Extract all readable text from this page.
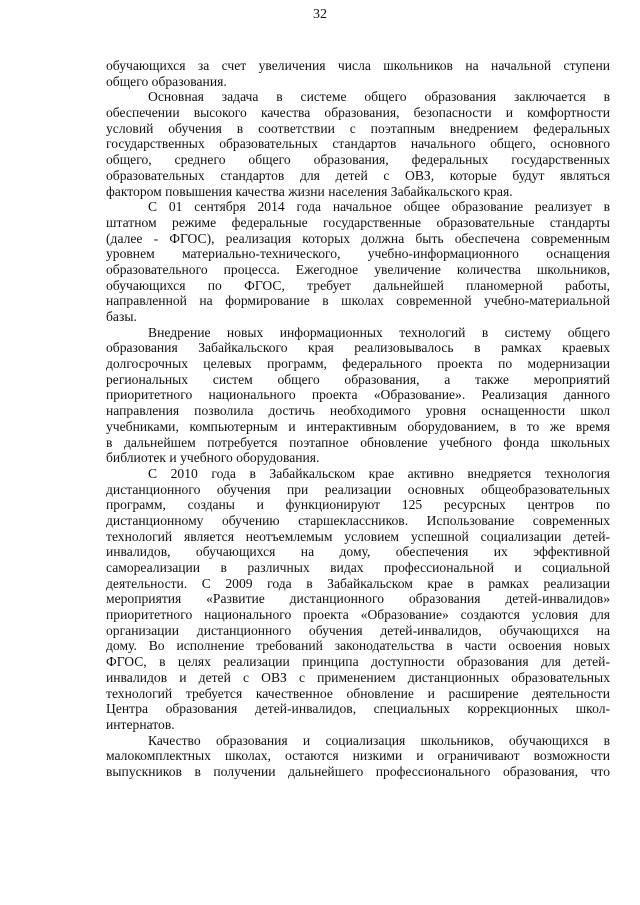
32
обучающихся за счет увеличения числа школьников на начальной ступени
общего образования.
Основная задача в системе общего образования заключается в
обеспечении высокого качества образования, безопасности и комфортности
условий обучения в соответствии с поэтапным внедрением федеральных
государственных образовательных стандартов начального общего, основного
общего, среднего общего образования, федеральных государственных
образовательных стандартов для детей с ОВЗ, которые будут являться
фактором повышения качества жизни населения Забайкальского края.
С 01 сентября 2014 года начальное общее образование реализует в
штатном режиме федеральные государственные образовательные стандарты
(далее - ФГОС), реализация которых должна быть обеспечена современным
уровнем материально-технического, учебно-информационного оснащения
образовательного процесса. Ежегодное увеличение количества школьников,
обучающихся по ФГОС, требует дальнейшей планомерной работы,
направленной на формирование в школах современной учебно-материальной
базы.
Внедрение новых информационных технологий в систему общего
образования Забайкальского края реализовывалось в рамках краевых
долгосрочных целевых программ, федерального проекта по модернизации
региональных систем общего образования, а также мероприятий
приоритетного национального проекта «Образование». Реализация данного
направления позволила достичь необходимого уровня оснащенности школ
учебниками, компьютерным и интерактивным оборудованием, в то же время
в дальнейшем потребуется поэтапное обновление учебного фонда школьных
библиотек и учебного оборудования.
С 2010 года в Забайкальском крае активно внедряется технология
дистанционного обучения при реализации основных общеобразовательных
программ, созданы и функционируют 125 ресурсных центров по
дистанционному обучению старшеклассников. Использование современных
технологий является неотъемлемым условием успешной социализации детей-
инвалидов, обучающихся на дому, обеспечения их эффективной
самореализации в различных видах профессиональной и социальной
деятельности. С 2009 года в Забайкальском крае в рамках реализации
мероприятия «Развитие дистанционного образования детей-инвалидов»
приоритетного национального проекта «Образование» создаются условия для
организации дистанционного обучения детей-инвалидов, обучающихся на
дому. Во исполнение требований законодательства в части освоения новых
ФГОС, в целях реализации принципа доступности образования для детей-
инвалидов и детей с ОВЗ с применением дистанционных образовательных
технологий требуется качественное обновление и расширение деятельности
Центра образования детей-инвалидов, специальных коррекционных школ-
интернатов.
Качество образования и социализация школьников, обучающихся в
малокомплектных школах, остаются низкими и ограничивают возможности
выпускников в получении дальнейшего профессионального образования, что
